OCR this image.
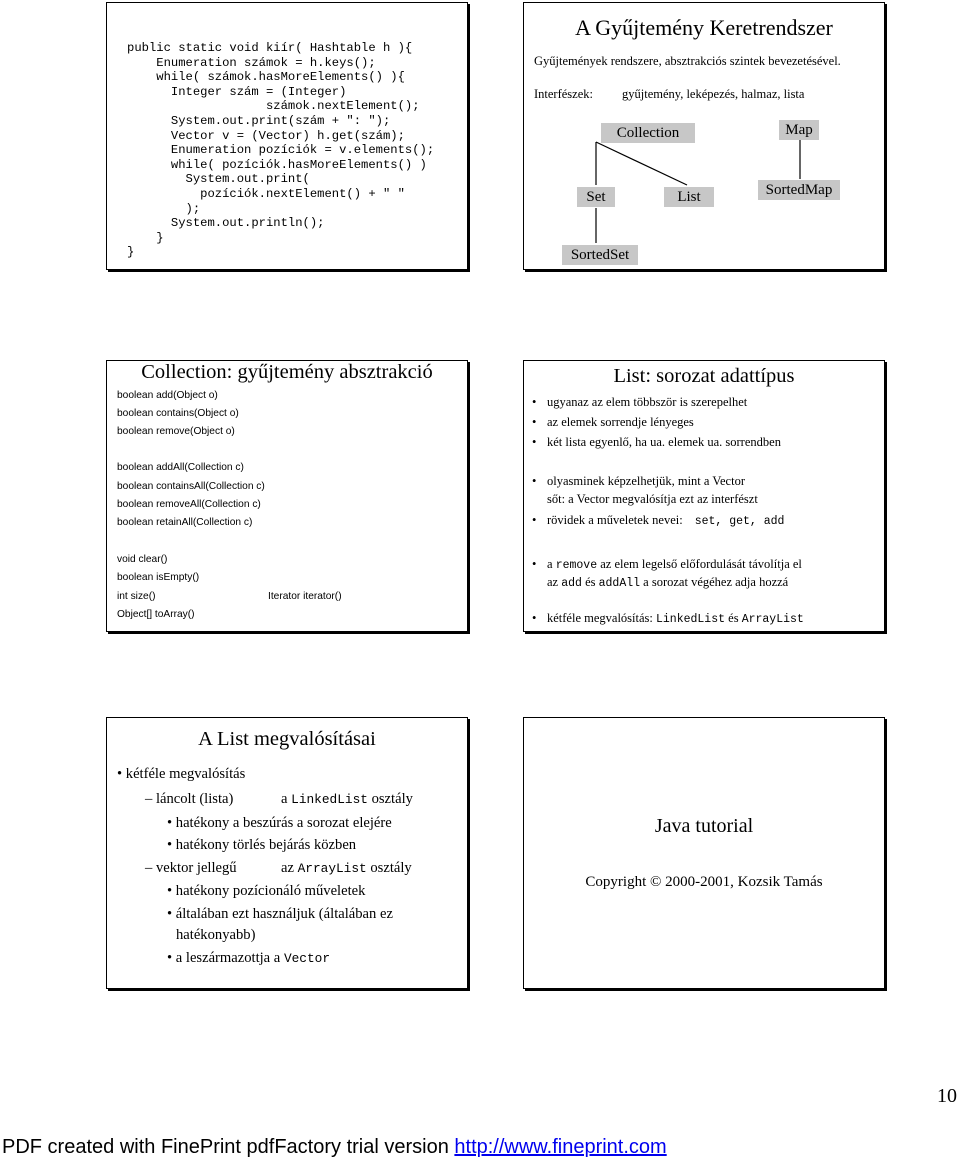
public static void kiír( Hashtable h ){
Enumeration számok = h.keys();
while( számok.hasMoreElements() ){
Integer szám = (Integer)
számok.nextElement();
System.out.print(szám + ": ");
Vector v = (Vector) h.get(szám);
Enumeration pozíciók = v.elements();
while( pozíciók.hasMoreElements() )
System.out.print(
pozíciók.nextElement() + " "
);
System.out.println();
}
}
A Gyűjtemény Keretrendszer
Gyűjtemények rendszere, absztrakciós szintek bevezetésével.
Interfészek: gyűjtemény, leképezés, halmaz, lista
Collection	Map
Set	List	SortedMap
SortedSet
Collection: gyűjtemény absztrakció
boolean add(Object o)
boolean contains(Object o)
boolean remove(Object o)
boolean addAll(Collection c)
boolean containsAll(Collection c)
boolean removeAll(Collection c)
boolean retainAll(Collection c)
void clear()
boolean isEmpty()
int size()	Iterator iterator()
Object[] toArray()
List: sorozat adattípus
• ugyanaz az elem többször is szerepelhet
• az elemek sorrendje lényeges
• két lista egyenlő, ha ua. elemek ua. sorrendben
• olyasminek képzelhetjük, mint a Vector
sőt: a Vector megvalósítja ezt az interfészt
• rövidek a műveletek nevei: set, get, add
• a remove az elem legelső előfordulását távolítja el
az add és addAll a sorozat végéhez adja hozzá
• kétféle megvalósítás: LinkedList és ArrayList
A List megvalósításai
• kétféle megvalósítás
– láncolt (lista)	a LinkedList osztály
• hatékony a beszúrás a sorozat elejére
• hatékony törlés bejárás közben
– vektor jellegű	az ArrayList osztály
• hatékony pozícionáló műveletek
• általában ezt használjuk (általában ez
hatékonyabb)
• a leszármazottja a Vector
Java tutorial
Copyright © 2000-2001, Kozsik Tamás
10
PDF created with FinePrint pdfFactory trial version http://www.fineprint.com
